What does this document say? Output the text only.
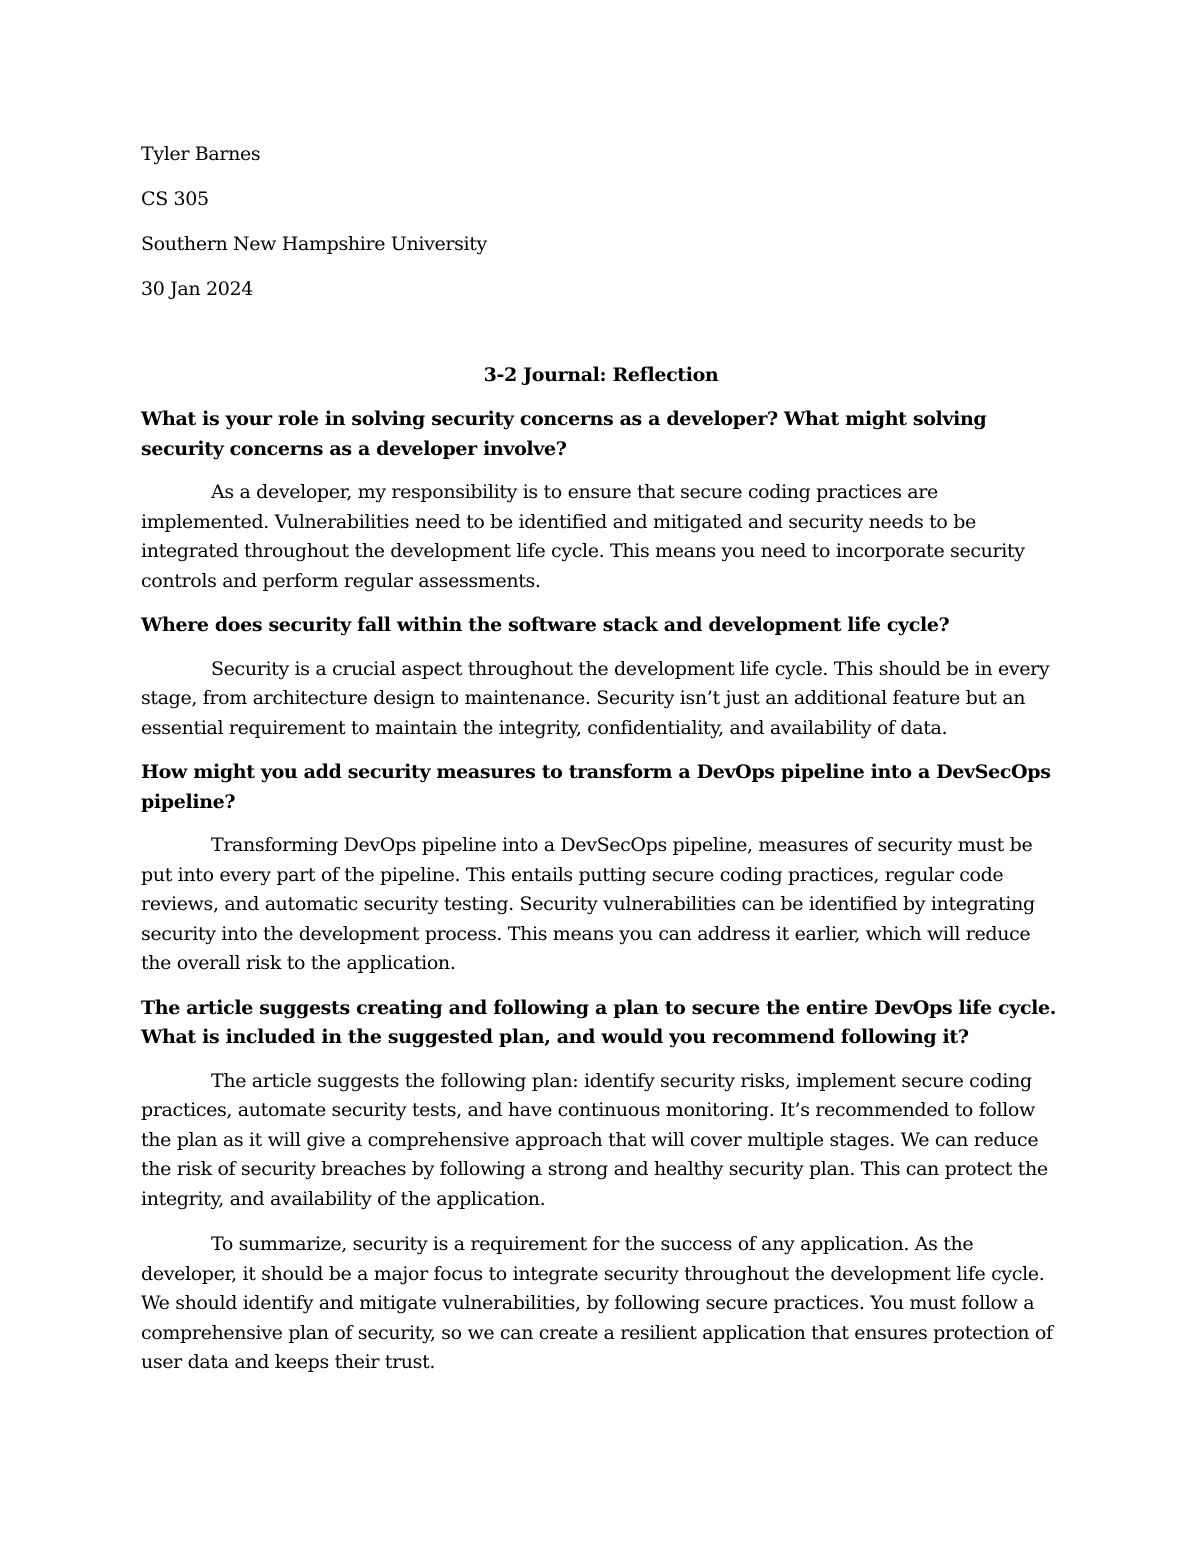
Tyler Barnes

CS 305

Southern New Hampshire University

30 Jan 2024

3-2 Journal: Reflection

What is your role in solving security concerns as a developer? What might solving security concerns as a developer involve?

As a developer, my responsibility is to ensure that secure coding practices are implemented. Vulnerabilities need to be identified and mitigated and security needs to be integrated throughout the development life cycle. This means you need to incorporate security controls and perform regular assessments.

Where does security fall within the software stack and development life cycle?

Security is a crucial aspect throughout the development life cycle. This should be in every stage, from architecture design to maintenance. Security isn’t just an additional feature but an essential requirement to maintain the integrity, confidentiality, and availability of data.

How might you add security measures to transform a DevOps pipeline into a DevSecOps pipeline?

Transforming DevOps pipeline into a DevSecOps pipeline, measures of security must be put into every part of the pipeline. This entails putting secure coding practices, regular code reviews, and automatic security testing. Security vulnerabilities can be identified by integrating security into the development process. This means you can address it earlier, which will reduce the overall risk to the application.

The article suggests creating and following a plan to secure the entire DevOps life cycle. What is included in the suggested plan, and would you recommend following it?

The article suggests the following plan: identify security risks, implement secure coding practices, automate security tests, and have continuous monitoring. It’s recommended to follow the plan as it will give a comprehensive approach that will cover multiple stages. We can reduce the risk of security breaches by following a strong and healthy security plan. This can protect the integrity, and availability of the application.

To summarize, security is a requirement for the success of any application. As the developer, it should be a major focus to integrate security throughout the development life cycle. We should identify and mitigate vulnerabilities, by following secure practices. You must follow a comprehensive plan of security, so we can create a resilient application that ensures protection of user data and keeps their trust.
